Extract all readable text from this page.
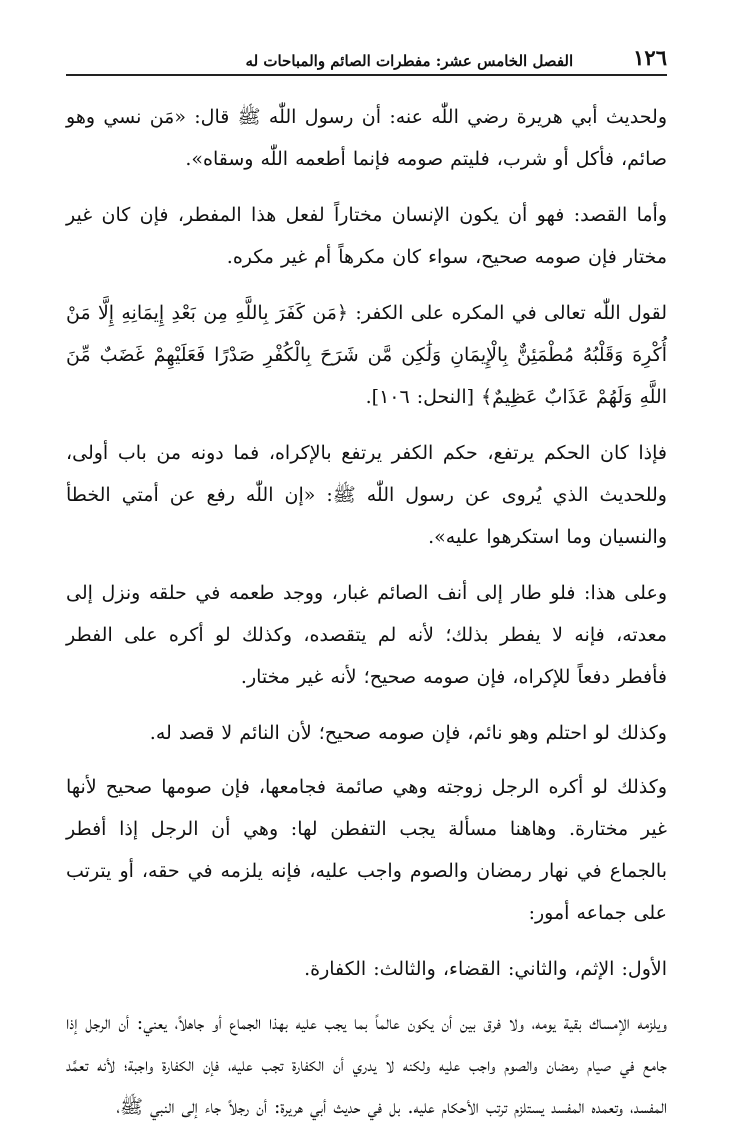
١٢٦
الفصل الخامس عشر: مفطرات الصائم والمباحات له

ولحديث أبي هريرة رضي اللّٰه عنه: أن رسول اللّٰه ﷺ قال: «مَن نسي وهو صائم، فأكل أو شرب، فليتم صومه فإنما أطعمه اللّٰه وسقاه».

وأما القصد: فهو أن يكون الإنسان مختاراً لفعل هذا المفطر، فإن كان غير مختار فإن صومه صحيح، سواء كان مكرهاً أم غير مكره.

لقول اللّٰه تعالى في المكره على الكفر: ﴿مَن كَفَرَ بِاللَّهِ مِن بَعْدِ إِيمَانِهِ إِلَّا مَنْ أُكْرِهَ وَقَلْبُهُ مُطْمَئِنٌّ بِالْإِيمَانِ وَلَٰكِن مَّن شَرَحَ بِالْكُفْرِ صَدْرًا فَعَلَيْهِمْ غَضَبٌ مِّنَ اللَّهِ وَلَهُمْ عَذَابٌ عَظِيمٌ﴾ [النحل: ١٠٦].

فإذا كان الحكم يرتفع، حكم الكفر يرتفع بالإكراه، فما دونه من باب أولى، وللحديث الذي يُروى عن رسول اللّٰه ﷺ: «إن اللّٰه رفع عن أمتي الخطأ والنسيان وما استكرهوا عليه».

وعلى هذا: فلو طار إلى أنف الصائم غبار، ووجد طعمه في حلقه ونزل إلى معدته، فإنه لا يفطر بذلك؛ لأنه لم يتقصده، وكذلك لو أكره على الفطر فأفطر دفعاً للإكراه، فإن صومه صحيح؛ لأنه غير مختار.

وكذلك لو احتلم وهو نائم، فإن صومه صحيح؛ لأن النائم لا قصد له.

وكذلك لو أكره الرجل زوجته وهي صائمة فجامعها، فإن صومها صحيح لأنها غير مختارة. وهاهنا مسألة يجب التفطن لها: وهي أن الرجل إذا أفطر بالجماع في نهار رمضان والصوم واجب عليه، فإنه يلزمه في حقه، أو يترتب على جماعه أمور:

الأول: الإثم، والثاني: القضاء، والثالث: الكفارة.

ويلزمه الإمساك بقية يومه، ولا فرق بين أن يكون عالماً بما يجب عليه بهذا الجماع أو جاهلاً، يعني: أن الرجل إذا جامع في صيام رمضان والصوم واجب عليه ولكنه لا يدري أن الكفارة تجب عليه، فإن الكفارة واجبة؛ لأنه تعمَّد المفسد، وتعمده المفسد يستلزم ترتب الأحكام عليه. بل في حديث أبي هريرة: أن رجلاً جاء إلى النبي ﷺ،
